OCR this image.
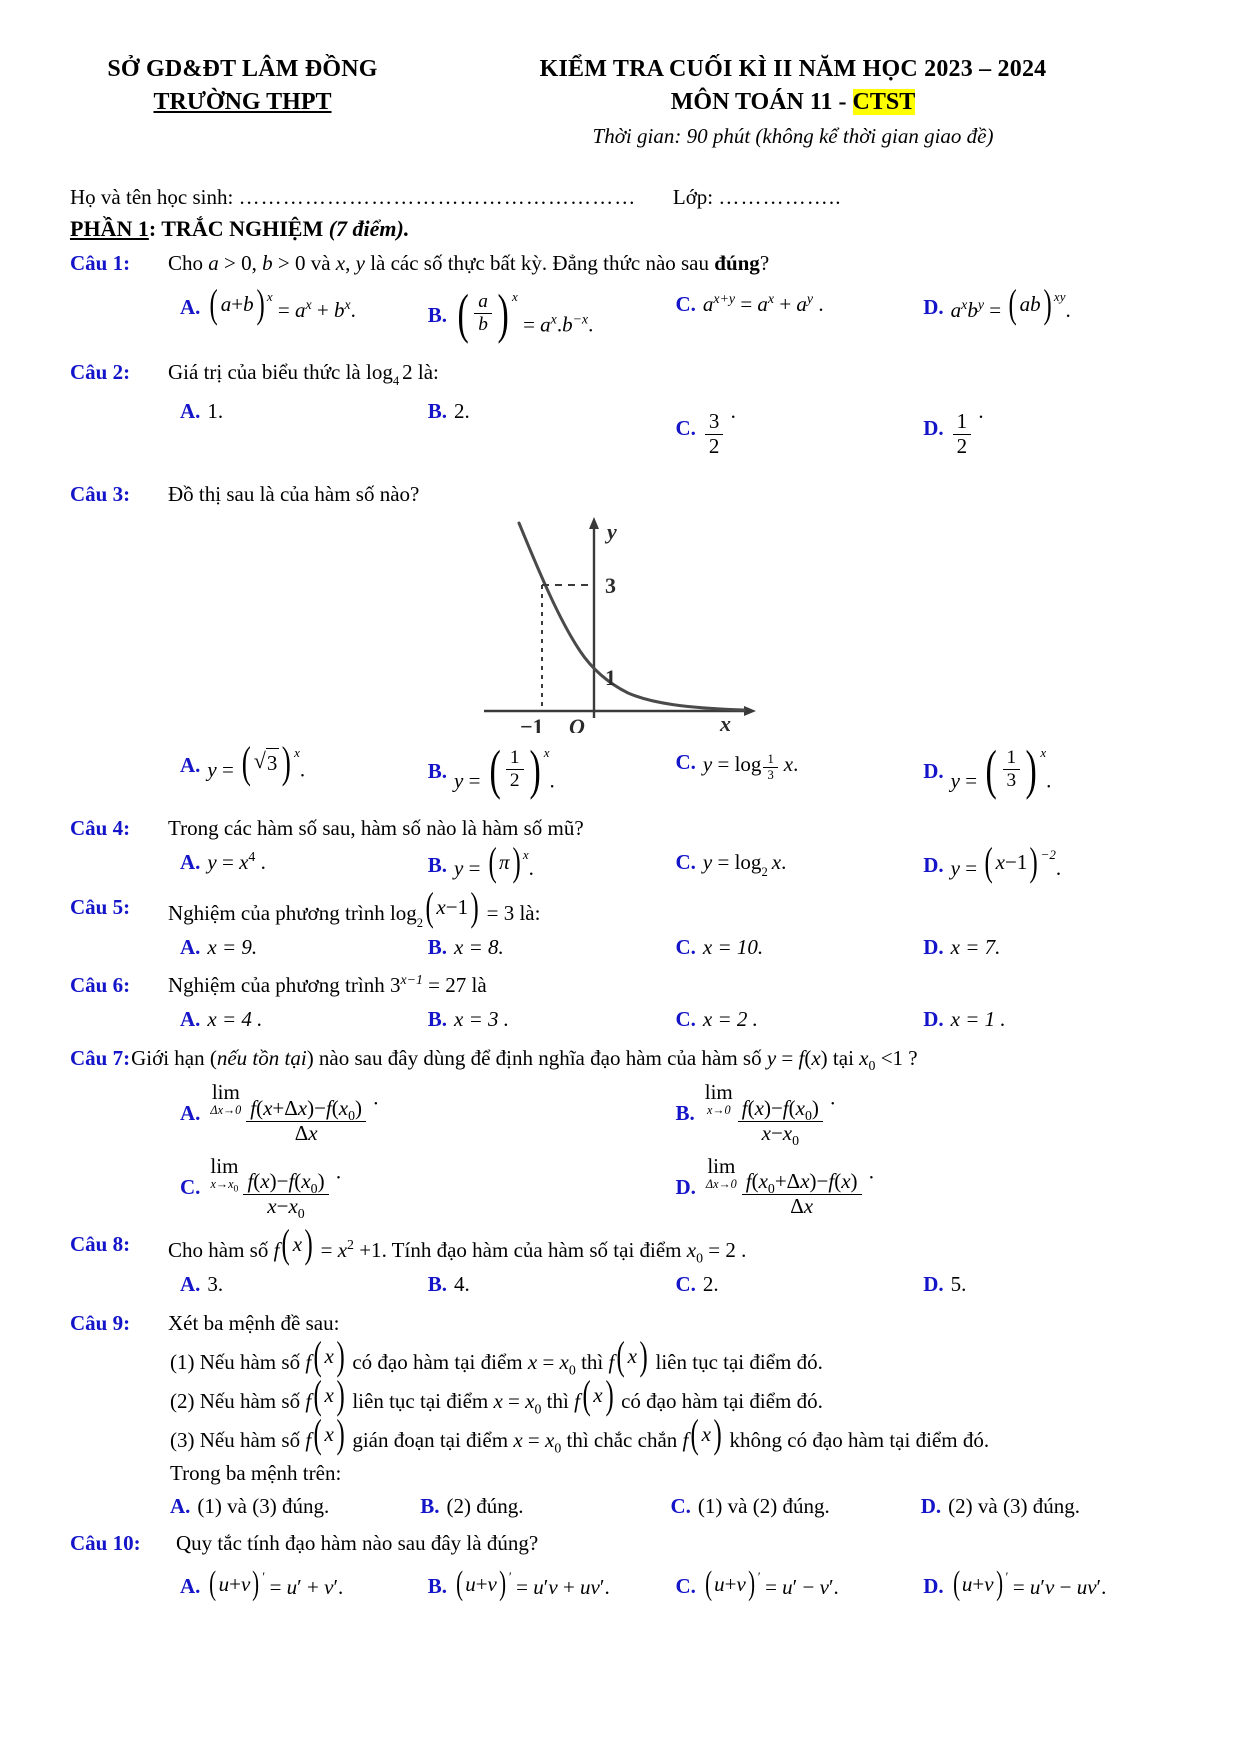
SỞ GD&ĐT LÂM ĐỒNG
TRƯỜNG THPT
KIỂM TRA CUỐI KÌ II NĂM HỌC 2023 – 2024
MÔN TOÁN 11 - CTST
Thời gian: 90 phút (không kể thời gian giao đề)
Họ và tên học sinh: ……………………………………………… Lớp: ……………..
PHẦN 1: TRẮC NGHIỆM (7 điểm).
Câu 1:	Cho a > 0, b > 0 và x, y là các số thực bất kỳ. Đẳng thức nào sau đúng?
A. ( a + b ) x
= $a^x + b^x$.	B. ( $\frac{a}{b}$ ) x
= $a^x.b^{-x}$.
C. $a^{x+y} = a^x + a^y$ .	D. $a^xb^y$ = ( ab ) xy
.
Câu 2:	Giá trị của biểu thức là log 4 2 là:
A. 1.	B. 2.
C. $\frac{3}{2}$ .
D. $\frac{1}{2}$ .
Câu 3:	Đồ thị sau là của hàm số nào?
y
3
1
−1 O	x
A. y = ( √ 3 ) x
.	B. y = ( $\frac{1}{2}$ ) x
.
C. $y = \log \frac{1}{3} x$.	D. y = ( $\frac{1}{3}$ ) x
.
Câu 4:	Trong các hàm số sau, hàm số nào là hàm số mũ?
A. $y = x^4$ .	B. y = ( π ) x
.	C. y = log 2 x.	D. y = ( x − 1 ) −2
.
Câu 5:	Nghiệm của phương trình log 2 ( x − 1 ) = 3 là:
A. x = 9.	B. x = 8.	C. x = 10.	D. x = 7.
Câu 6:	Nghiệm của phương trình $3^{x-1} = 27$ là
A. x = 4 .	B. x = 3 .	C. x = 2 .	D. x = 1 .
Câu 7: Giới hạn (nếu tồn tại) nào sau đây dùng để định nghĩa đạo hàm của hàm số y = f(x) tại $x_0 <1$ ?
A.
lim
$\Delta x\to 0 \frac{f(x+\Delta x)-f(x_0)}{\Delta x}$ .
B.
lim
$x\to 0 \frac{f(x)-f(x_0)}{x-x_0}$ .
C.
lim
$x\to x_0 \frac{f(x)-f(x_0)}{x-x_0}$ .
D.
lim
$\Delta x\to 0 \frac{f(x_0+\Delta x)-f(x)}{\Delta x}$ .
Câu 8:	Cho hàm số f ( x ) = $x^2 +1$. Tính đạo hàm của hàm số tại điểm $x_0 = 2$ .
A. 3.	B. 4.	C. 2.	D. 5.
Câu 9:	Xét ba mệnh đề sau:
(1) Nếu hàm số f ( x ) có đạo hàm tại điểm $x = x_0$ thì f ( x ) liên tục tại điểm đó.
(2) Nếu hàm số f ( x ) liên tục tại điểm $x = x_0$ thì f ( x ) có đạo hàm tại điểm đó.
(3) Nếu hàm số f ( x ) gián đoạn tại điểm $x = x_0$ thì chắc chắn f ( x ) không có đạo hàm tại điểm đó.
Trong ba mệnh trên:
A. (1) và (3) đúng.	B. (2) đúng.	C. (1) và (2) đúng.	D. (2) và (3) đúng.
Câu 10:	Quy tắc tính đạo hàm nào sau đây là đúng?
A. ( u + v ) ′ = u′ + v′.	B. ( u + v ) ′ = u′v + uv′.	C. ( u + v ) ′ = u′ − v′.	D. ( u + v ) ′ = u′v − uv′.
